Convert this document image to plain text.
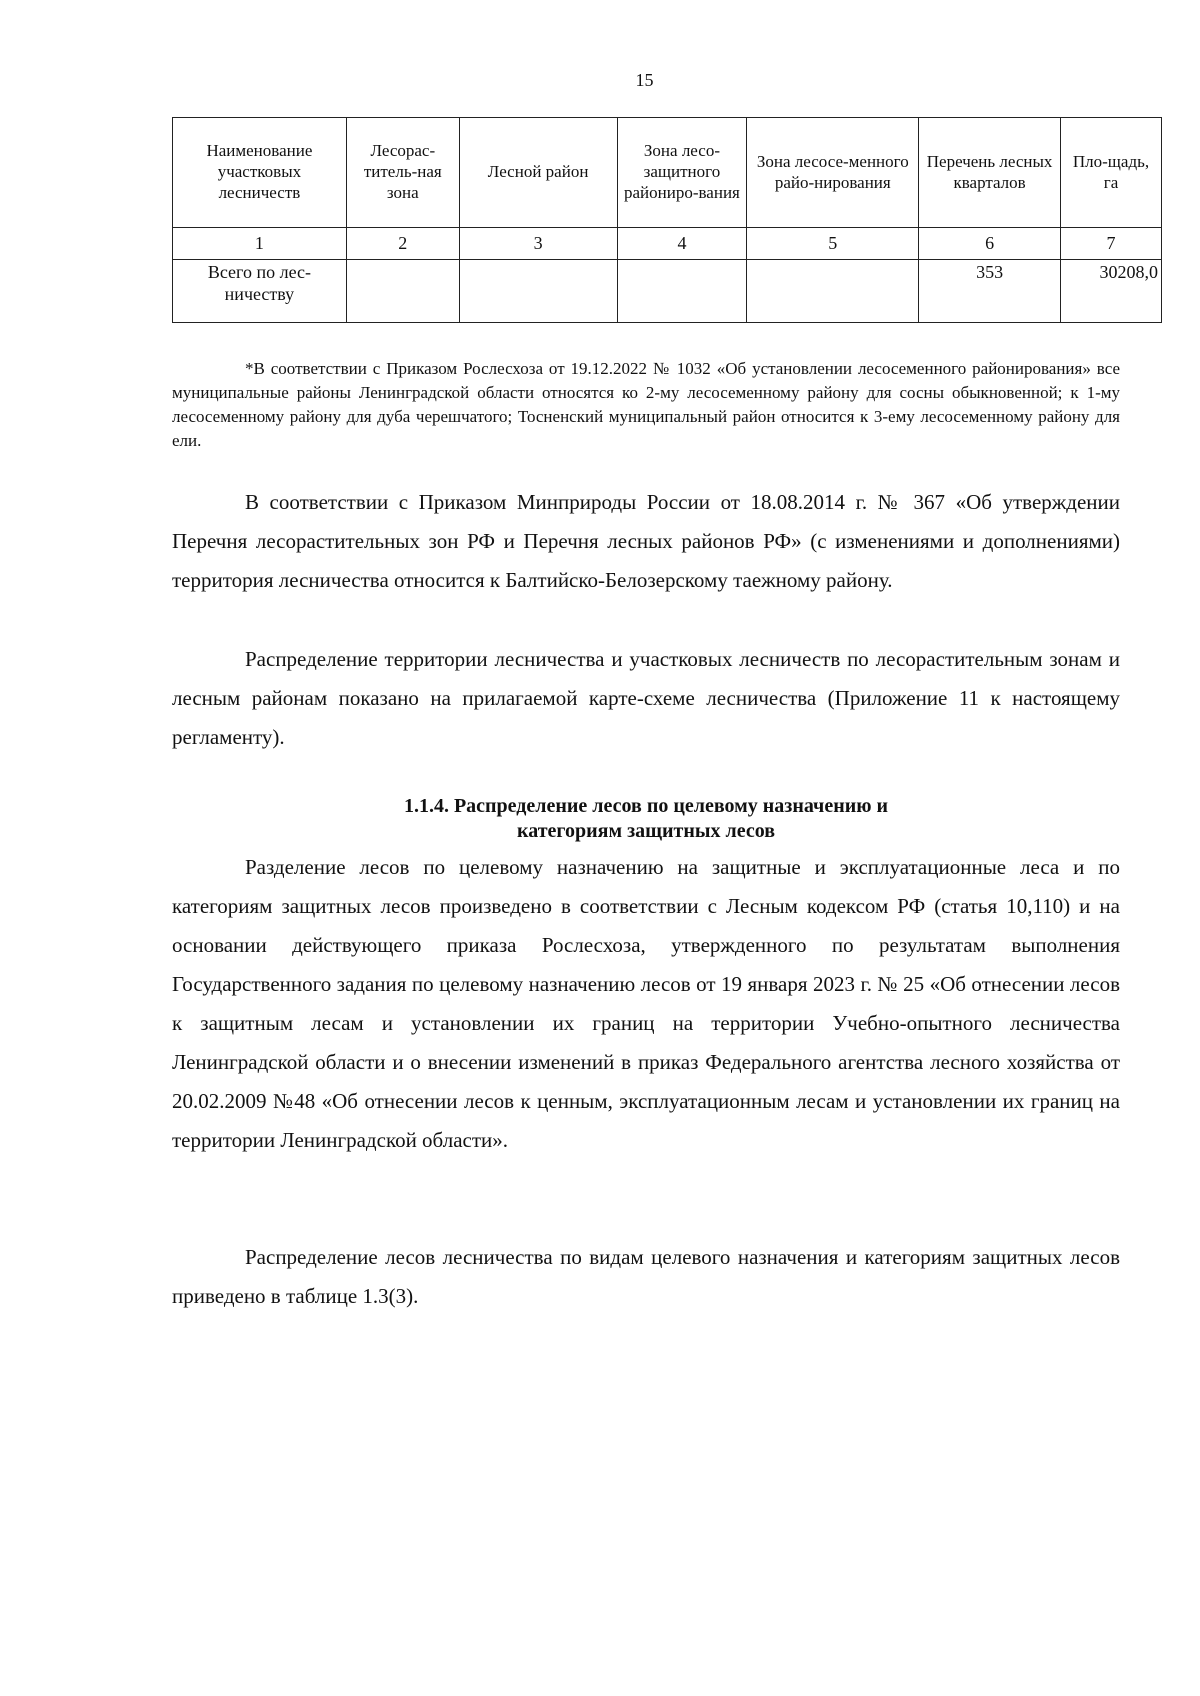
15
Наименование участковых лесничеств	Лесорас-титель-ная зона	Лесной район	Зона лесо-защитного райониро-вания	Зона лесосе-менного райо-нирования	Перечень лесных кварталов	Пло-щадь, га
1	2	3	4	5	6	7
Всего по лес-ничеству					353	30208,0
*В соответствии с Приказом Рослесхоза от 19.12.2022 № 1032 «Об установлении лесосеменного районирования» все муниципальные районы Ленинградской области относятся ко 2-му лесосеменному району для сосны обыкновенной; к 1-му лесосеменному району для дуба черешчатого; Тосненский муниципальный район относится к 3-ему лесосеменному району для ели.

В соответствии с Приказом Минприроды России от 18.08.2014 г. № 367 «Об утверждении Перечня лесорастительных зон РФ и Перечня лесных районов РФ» (с изменениями и дополнениями) территория лесничества относится к Балтийско-Белозерскому таежному району.

Распределение территории лесничества и участковых лесничеств по лесорастительным зонам и лесным районам показано на прилагаемой карте-схеме лесничества (Приложение 11 к настоящему регламенту).

1.1.4. Распределение лесов по целевому назначению и
категориям защитных лесов

Разделение лесов по целевому назначению на защитные и эксплуатационные леса и по категориям защитных лесов произведено в соответствии с Лесным кодексом РФ (статья 10,110) и на основании действующего приказа Рослесхоза, утвержденного по результатам выполнения Государственного задания по целевому назначению лесов от 19 января 2023 г. № 25 «Об отнесении лесов к защитным лесам и установлении их границ на территории Учебно-опытного лесничества Ленинградской области и о внесении изменений в приказ Федерального агентства лесного хозяйства от 20.02.2009 №48 «Об отнесении лесов к ценным, эксплуатационным лесам и установлении их границ на территории Ленинградской области».

Распределение лесов лесничества по видам целевого назначения и категориям защитных лесов приведено в таблице 1.3(3).
